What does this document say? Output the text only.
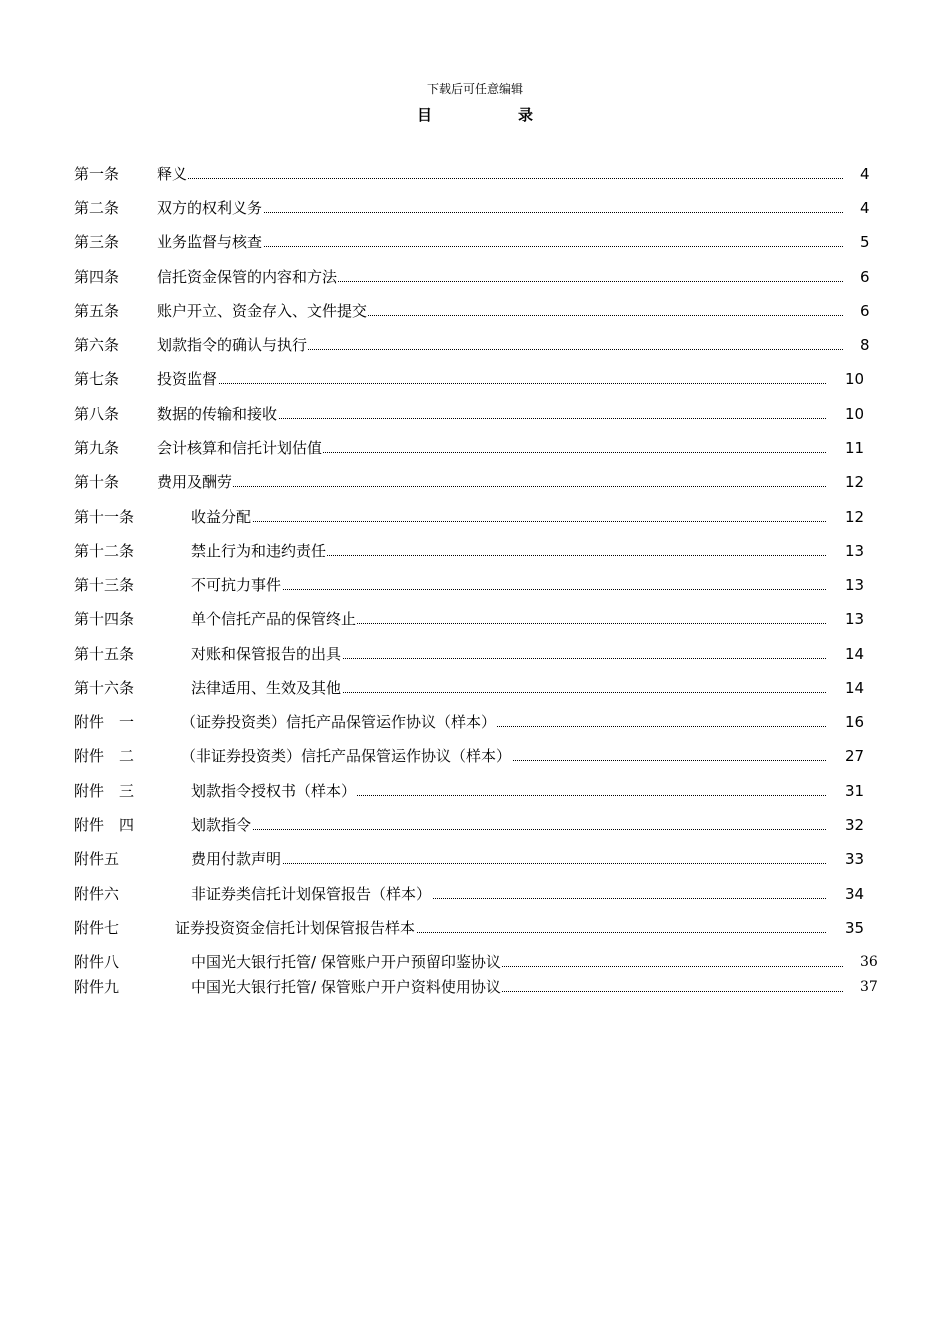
下载后可任意编辑
目	录
第一条	释义	4
第二条	双方的权利义务	4
第三条	业务监督与核查	5
第四条	信托资金保管的内容和方法	6
第五条	账户开立、资金存入、文件提交	6
第六条	划款指令的确认与执行	8
第七条	投资监督	10
第八条	数据的传输和接收	10
第九条	会计核算和信托计划估值	11
第十条	费用及酬劳	12
第十一条	收益分配	12
第十二条	禁止行为和违约责任	13
第十三条	不可抗力事件	13
第十四条	单个信托产品的保管终止	13
第十五条	对账和保管报告的出具	14
第十六条	法律适用、生效及其他	14
附件　一	（证券投资类）信托产品保管运作协议（样本）	16
附件　二	（非证券投资类）信托产品保管运作协议（样本）	27
附件　三	划款指令授权书（样本）	31
附件　四	划款指令	32
附件五	费用付款声明	33
附件六	非证券类信托计划保管报告（样本）	34
附件七	证券投资资金信托计划保管报告样本	35
附件八	中国光大银行托管/ 保管账户开户预留印鉴协议	36
附件九	中国光大银行托管/ 保管账户开户资料使用协议	37
